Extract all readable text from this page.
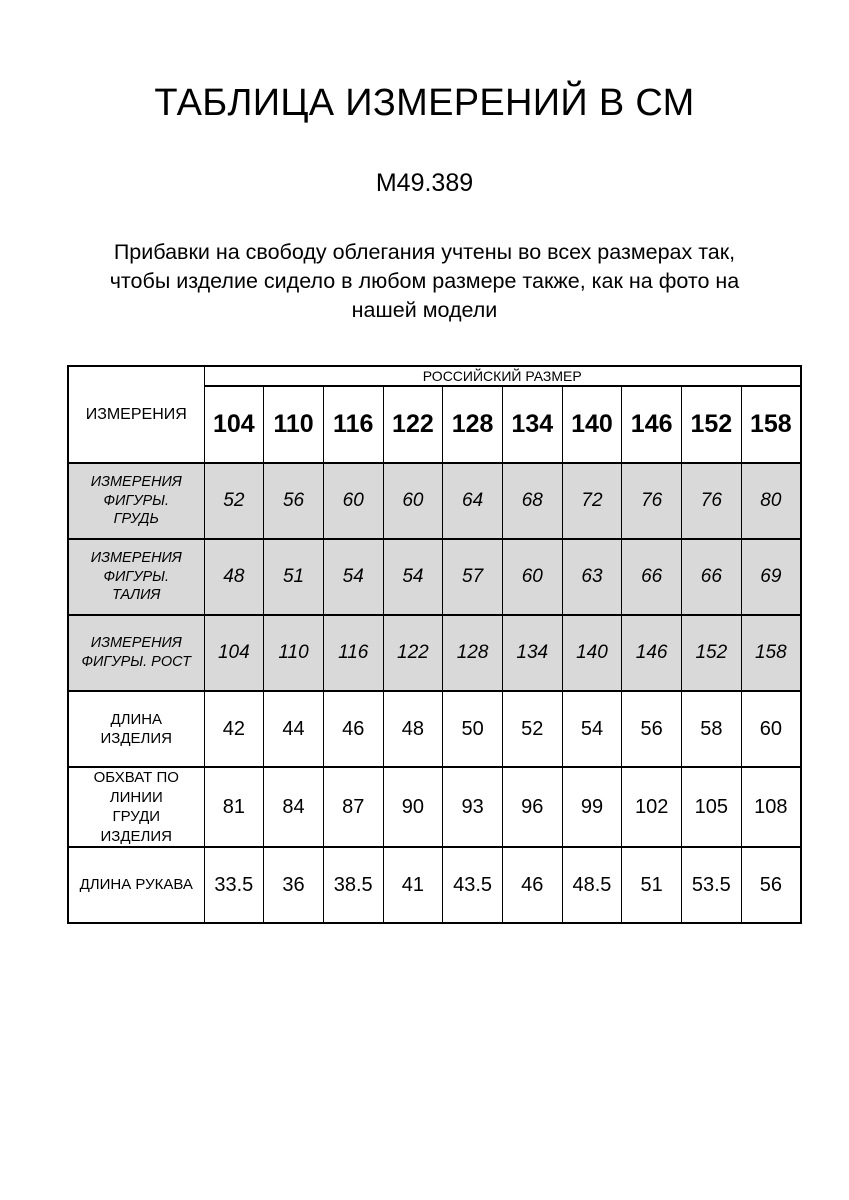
ТАБЛИЦА ИЗМЕРЕНИЙ В СМ
М49.389
Прибавки на свободу облегания учтены во всех размерах так, чтобы изделие сидело в любом размере также, как на фото на нашей модели
ИЗМЕРЕНИЯ	РОССИЙСКИЙ РАЗМЕР									
	104	110	116	122	128	134	140	146	152	158
ИЗМЕРЕНИЯ ФИГУРЫ. ГРУДЬ	52	56	60	60	64	68	72	76	76	80
ИЗМЕРЕНИЯ ФИГУРЫ. ТАЛИЯ	48	51	54	54	57	60	63	66	66	69
ИЗМЕРЕНИЯ ФИГУРЫ. РОСТ	104	110	116	122	128	134	140	146	152	158
ДЛИНА ИЗДЕЛИЯ	42	44	46	48	50	52	54	56	58	60
ОБХВАТ ПО ЛИНИИ ГРУДИ ИЗДЕЛИЯ	81	84	87	90	93	96	99	102	105	108
ДЛИНА РУКАВА	33.5	36	38.5	41	43.5	46	48.5	51	53.5	56
